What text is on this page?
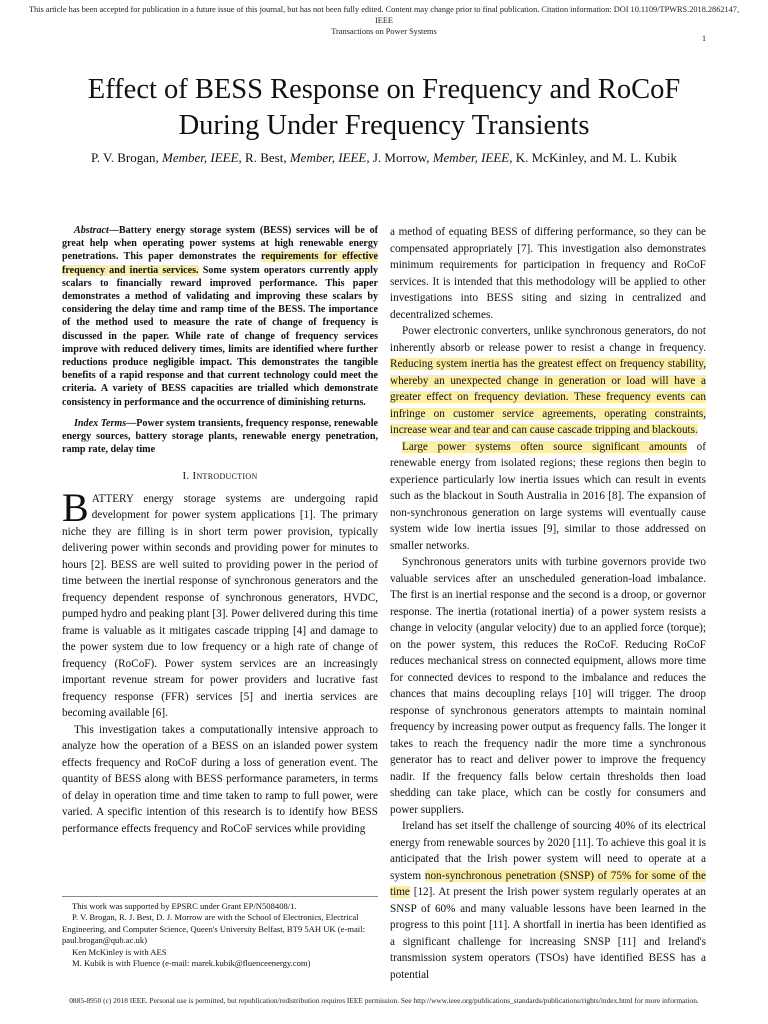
This article has been accepted for publication in a future issue of this journal, but has not been fully edited. Content may change prior to final publication. Citation information: DOI 10.1109/TPWRS.2018.2862147, IEEE
Transactions on Power Systems
1
Effect of BESS Response on Frequency and RoCoF
During Under Frequency Transients
P. V. Brogan, Member, IEEE, R. Best, Member, IEEE, J. Morrow, Member, IEEE, K. McKinley, and M. L. Kubik

Abstract—Battery energy storage system (BESS) services will be of great help when operating power systems at high renewable energy penetrations. This paper demonstrates the requirements for effective frequency and inertia services. Some system operators currently apply scalars to financially reward improved performance. This paper demonstrates a method of validating and improving these scalars by considering the delay time and ramp time of the BESS. The importance of the method used to measure the rate of change of frequency is discussed in the paper. While rate of change of frequency services improve with reduced delivery times, limits are identified where further reductions produce negligible impact. This demonstrates the tangible benefits of a rapid response and that current technology could meet the criteria. A variety of BESS capacities are trialled which demonstrate consistency in performance and the occurrence of diminishing returns.

Index Terms—Power system transients, frequency response, renewable energy sources, battery storage plants, renewable energy penetration, ramp rate, delay time

I. Introduction

BATTERY energy storage systems are undergoing rapid development for power system applications [1]. The primary niche they are filling is in short term power provision, typically delivering power within seconds and providing power for minutes to hours [2]. BESS are well suited to providing power in the period of time between the inertial response of synchronous generators and the frequency dependent response of synchronous generators, HVDC, pumped hydro and peaking plant [3]. Power delivered during this time frame is valuable as it mitigates cascade tripping [4] and damage to the power system due to low frequency or a high rate of change of frequency (RoCoF). Power system services are an increasingly important revenue stream for power providers and lucrative fast frequency response (FFR) services [5] and inertia services are becoming available [6].

This investigation takes a computationally intensive approach to analyze how the operation of a BESS on an islanded power system effects frequency and RoCoF during a loss of generation event. The quantity of BESS along with BESS performance parameters, in terms of delay in operation time and time taken to ramp to full power, were varied. A specific intention of this research is to identify how BESS performance effects frequency and RoCoF services while providing

This work was supported by EPSRC under Grant EP/N508408/1.

P. V. Brogan, R. J. Best, D. J. Morrow are with the School of Electronics, Electrical Engineering, and Computer Science, Queen's University Belfast, BT9 5AH UK (e-mail: paul.brogan@qub.ac.uk)

Ken McKinley is with AES

M. Kubik is with Fluence (e-mail: marek.kubik@fluenceenergy.com)

a method of equating BESS of differing performance, so they can be compensated appropriately [7]. This investigation also demonstrates minimum requirements for participation in frequency and RoCoF services. It is intended that this methodology will be applied to other investigations into BESS siting and sizing in centralized and decentralized schemes.

Power electronic converters, unlike synchronous generators, do not inherently absorb or release power to resist a change in frequency. Reducing system inertia has the greatest effect on frequency stability, whereby an unexpected change in generation or load will have a greater effect on frequency deviation. These frequency events can infringe on customer service agreements, operating constraints, increase wear and tear and can cause cascade tripping and blackouts.

Large power systems often source significant amounts of renewable energy from isolated regions; these regions then begin to experience particularly low inertia issues which can result in events such as the blackout in South Australia in 2016 [8]. The expansion of non-synchronous generation on large systems will eventually cause system wide low inertia issues [9], similar to those addressed on smaller networks.

Synchronous generators units with turbine governors provide two valuable services after an unscheduled generation-load imbalance. The first is an inertial response and the second is a droop, or governor response. The inertia (rotational inertia) of a power system resists a change in velocity (angular velocity) due to an applied force (torque); on the power system, this reduces the RoCoF. Reducing RoCoF reduces mechanical stress on connected equipment, allows more time for connected devices to respond to the imbalance and reduces the chances that mains decoupling relays [10] will trigger. The droop response of synchronous generators attempts to maintain nominal frequency by increasing power output as frequency falls. The longer it takes to reach the frequency nadir the more time a synchronous generator has to react and deliver power to improve the frequency nadir. If the frequency falls below certain thresholds then load shedding can take place, which can be costly for consumers and power suppliers.

Ireland has set itself the challenge of sourcing 40% of its electrical energy from renewable sources by 2020 [11]. To achieve this goal it is anticipated that the Irish power system will need to operate at a system non-synchronous penetration (SNSP) of 75% for some of the time [12]. At present the Irish power system regularly operates at an SNSP of 60% and many valuable lessons have been learned in the progress to this point [11]. A shortfall in inertia has been identified as a significant challenge for increasing SNSP [11] and Ireland's transmission system operators (TSOs) have identified BESS has a potential

0885-8950 (c) 2018 IEEE. Personal use is permitted, but republication/redistribution requires IEEE permission. See http://www.ieee.org/publications_standards/publications/rights/index.html for more information.
